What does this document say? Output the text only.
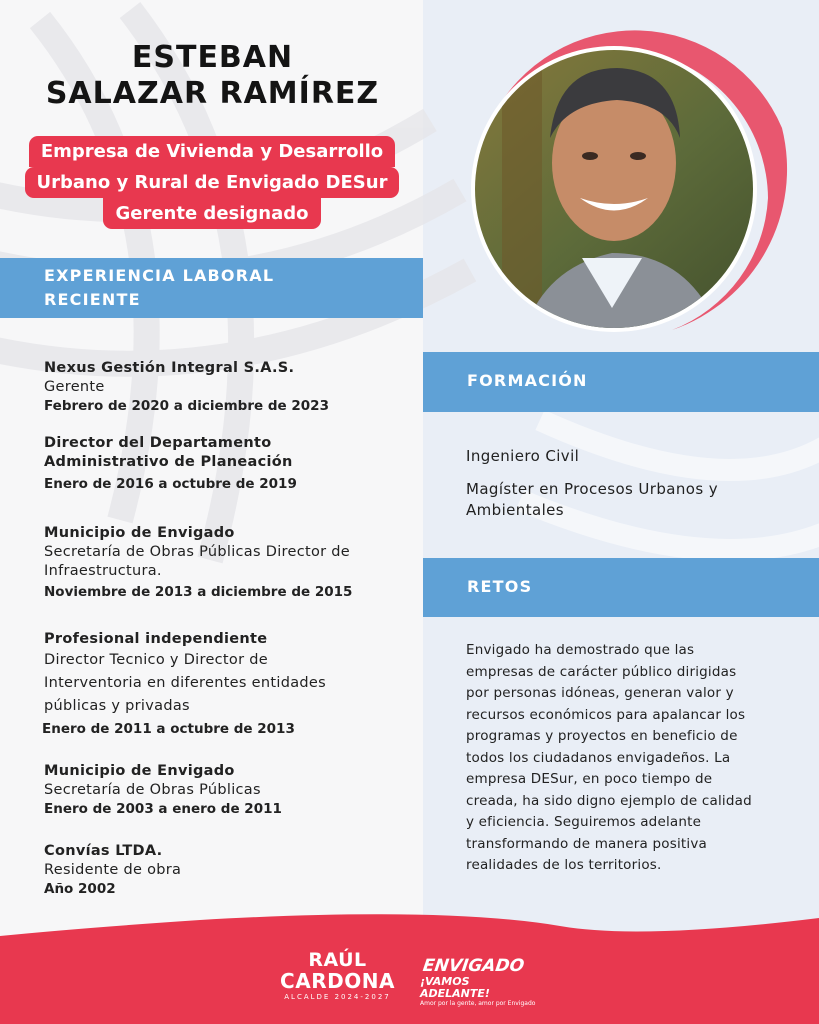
ESTEBAN
SALAZAR RAMÍREZ
Empresa de Vivienda y Desarrollo
Urbano y Rural de Envigado DESur
Gerente designado
EXPERIENCIA LABORAL
RECIENTE
Nexus Gestión Integral S.A.S.
Gerente
Febrero de 2020 a diciembre de 2023
Director del Departamento
Administrativo de Planeación
Enero de 2016 a octubre de 2019
Municipio de Envigado
Secretaría de Obras Públicas Director de
Infraestructura.
Noviembre de 2013 a diciembre de 2015
Profesional independiente
Director Tecnico y Director de
Interventoria en diferentes entidades
públicas y privadas
Enero de 2011 a octubre de 2013
Municipio de Envigado
Secretaría de Obras Públicas
Enero de 2003 a enero de 2011
Convías LTDA.
Residente de obra
Año 2002
FORMACIÓN
Ingeniero Civil
Magíster en Procesos Urbanos y
Ambientales
RETOS
Envigado ha demostrado que las
empresas de carácter público dirigidas
por personas idóneas, generan valor y
recursos económicos para apalancar los
programas y proyectos en beneficio de
todos los ciudadanos envigadeños. La
empresa DESur, en poco tiempo de
creada, ha sido digno ejemplo de calidad
y eficiencia. Seguiremos adelante
transformando de manera positiva
realidades de los territorios.
RAÚL
CARDONA
ALCALDE 2024-2027
ENVIGADO
¡VAMOS ADELANTE!
Amor por la gente, amor por Envigado
